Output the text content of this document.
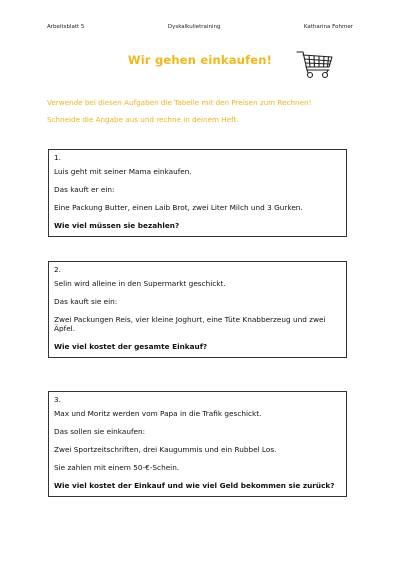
Arbeitsblatt 5	Dyskalkulietraining	Katharina Fohmer
Wir gehen einkaufen!
Verwende bei diesen Aufgaben die Tabelle mit den Preisen zum Rechnen!
Schneide die Angabe aus und rechne in deinem Heft.
1.
Luis geht mit seiner Mama einkaufen.
Das kauft er ein:
Eine Packung Butter, einen Laib Brot, zwei Liter Milch und 3 Gurken.
Wie viel müssen sie bezahlen?
2.
Selin wird alleine in den Supermarkt geschickt.
Das kauft sie ein:
Zwei Packungen Reis, vier kleine Joghurt, eine Tüte Knabberzeug und zwei Äpfel.
Wie viel kostet der gesamte Einkauf?
3.
Max und Moritz werden vom Papa in die Trafik geschickt.
Das sollen sie einkaufen:
Zwei Sportzeitschriften, drei Kaugummis und ein Rubbel Los.
Sie zahlen mit einem 50-€-Schein.
Wie viel kostet der Einkauf und wie viel Geld bekommen sie zurück?
